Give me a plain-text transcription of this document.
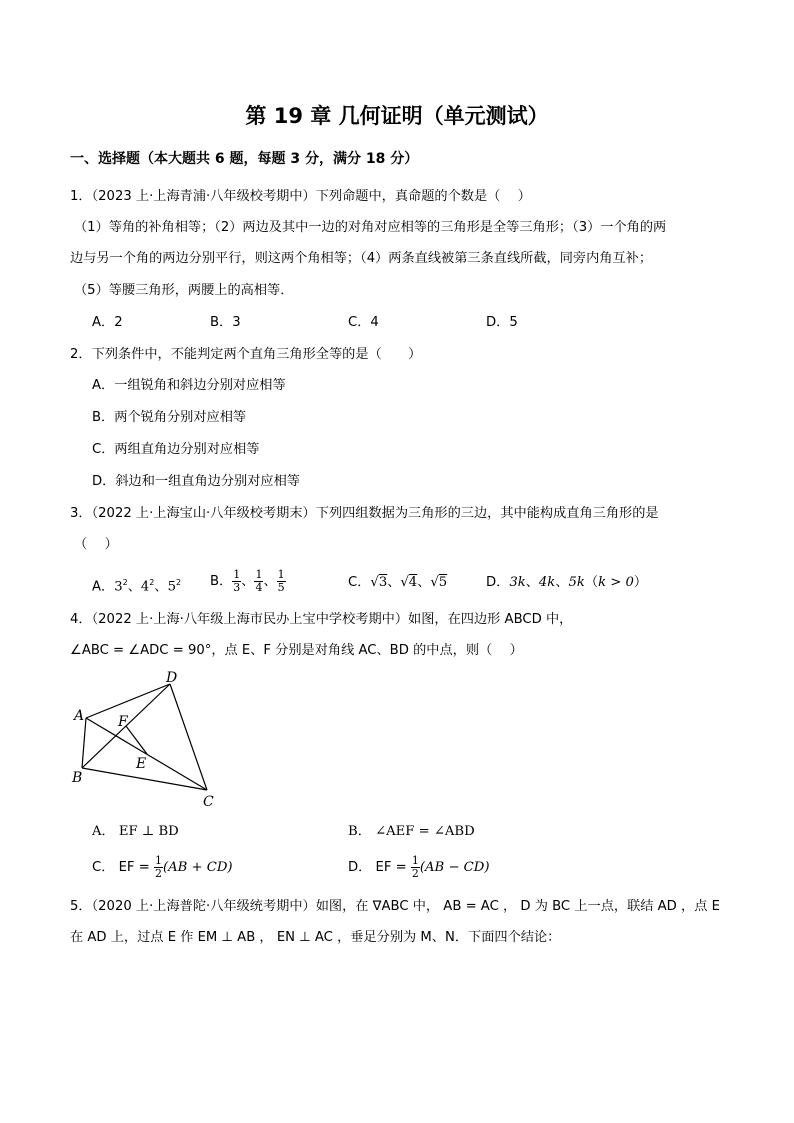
第 19 章 几何证明（单元测试）
一、选择题（本大题共 6 题，每题 3 分，满分 18 分）
1．（2023 上·上海青浦·八年级校考期中）下列命题中，真命题的个数是（　 ）
（1）等角的补角相等；（2）两边及其中一边的对角对应相等的三角形是全等三角形；（3）一个角的两
边与另一个角的两边分别平行，则这两个角相等；（4）两条直线被第三条直线所截，同旁内角互补；
（5）等腰三角形，两腰上的高相等．
A．2	B．3	C．4	D．5
2．下列条件中，不能判定两个直角三角形全等的是（　　）
A．一组锐角和斜边分别对应相等
B．两个锐角分别对应相等
C．两组直角边分别对应相等
D．斜边和一组直角边分别对应相等
3．（2022 上·上海宝山·八年级校考期末）下列四组数据为三角形的三边，其中能构成直角三角形的是
（　 ）
A．$3^2$、$4^2$、$5^2$ B． $\frac{1}{3}$ 、 $\frac{1}{4}$ 、 $\frac{1}{5}$	C．√3、√4、√5	D．3k、4k、5k（k > 0）
4．（2022 上·上海·八年级上海市民办上宝中学校考期中）如图，在四边形 ABCD 中，
∠ABC = ∠ADC = 90°，点 E、F 分别是对角线 AC、BD 的中点，则（　 ）
D
A F
E
B
C
A． EF ⊥ BD	B． ∠AEF = ∠ABD
C． EF = $\frac{1}{2} (AB + CD)$	D． EF = $\frac{1}{2} (AB - CD)$
5．（2020 上·上海普陀·八年级统考期中）如图，在 ∇ABC 中， AB = AC ， D 为 BC 上一点，联结 AD ，点 E
在 AD 上，过点 E 作 EM ⊥ AB ， EN ⊥ AC ，垂足分别为 M、N．下面四个结论：
